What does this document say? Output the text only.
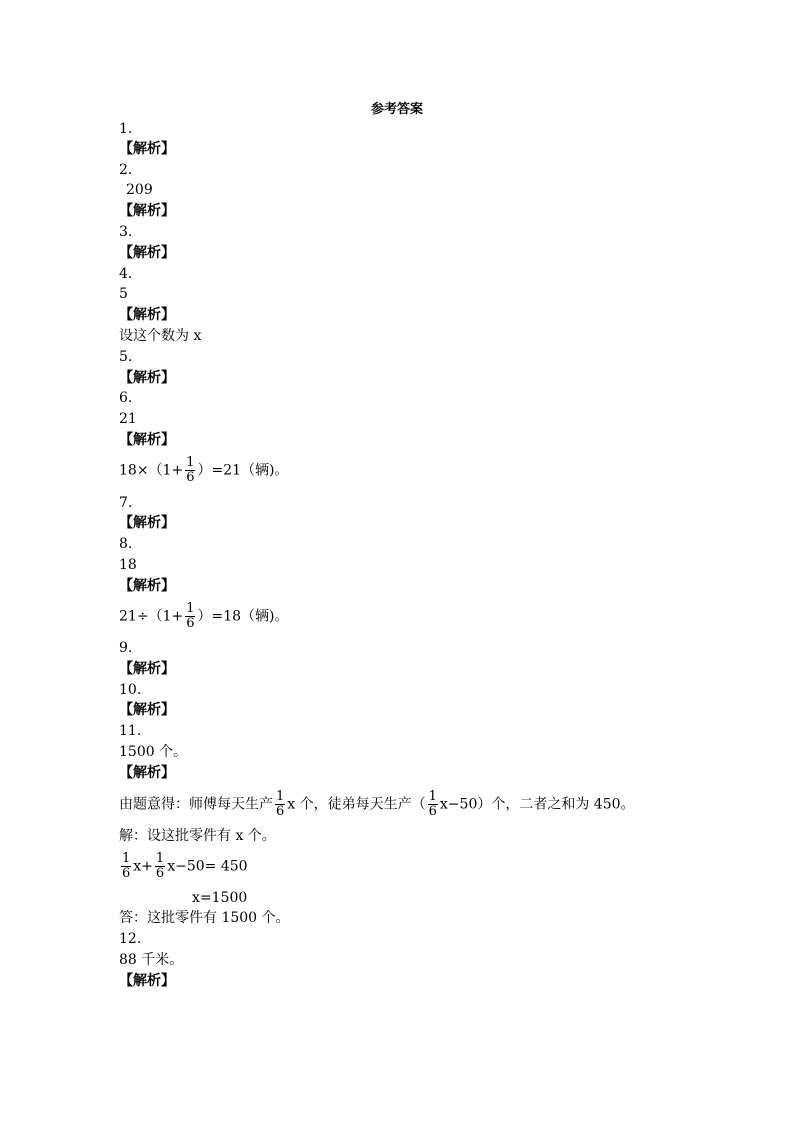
参考答案
1.
【解析】
2.
209
【解析】
3.
【解析】
4.
5
【解析】
设这个数为 x
5.
【解析】
6.
21
【解析】
$18\times(1+ \frac{1}{6} )=21$（辆)。
7.
【解析】
8.
18
【解析】
$21\div(1+ \frac{1}{6} )=18$（辆)。
9.
【解析】
10.
【解析】
11.
1500 个。
【解析】
由题意得：师傅每天生产 $\frac{1}{6}$ x 个，徒弟每天生产（ $\frac{1}{6} x-50$）个，二者之和为 450。
解：设这批零件有 x 个。
$\frac{1}{6} x+ \frac{1}{6} x-50= 450$
x=1500
答：这批零件有 1500 个。
12.
88 千米。
【解析】
